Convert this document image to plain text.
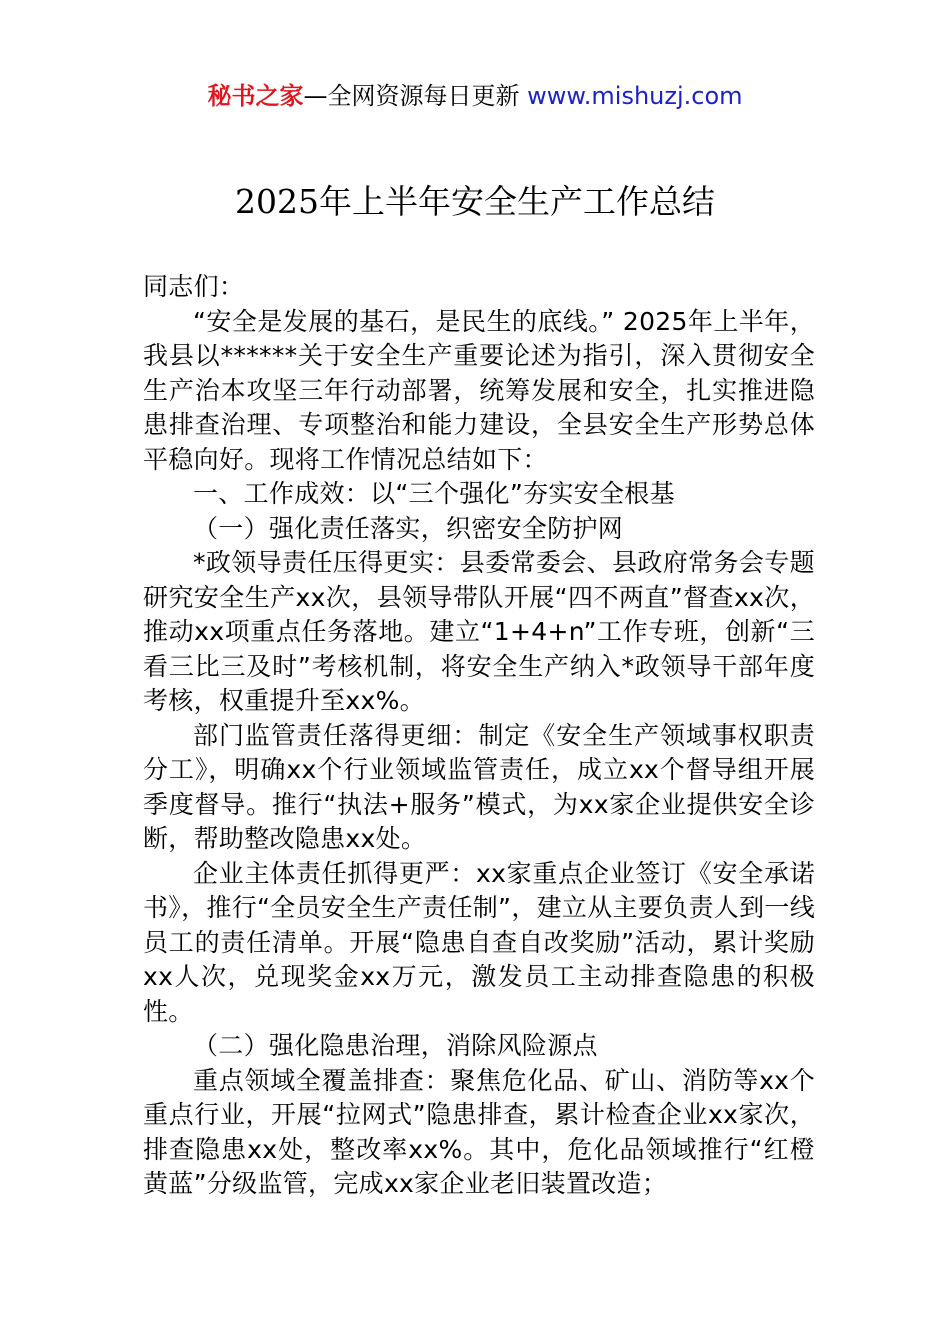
秘书之家—全网资源每日更新 www.mishuzj.com
2025年上半年安全生产工作总结

同志们：

“安全是发展的基石，是民生的底线。” 2025年上半年，我县以******关于安全生产重要论述为指引，深入贯彻安全生产治本攻坚三年行动部署，统筹发展和安全，扎实推进隐患排查治理、专项整治和能力建设，全县安全生产形势总体平稳向好。现将工作情况总结如下：

一、工作成效：以“三个强化”夯实安全根基

（一）强化责任落实，织密安全防护网

*政领导责任压得更实：县委常委会、县政府常务会专题研究安全生产xx次，县领导带队开展“四不两直”督查xx次，推动xx项重点任务落地。建立“1+4+n”工作专班，创新“三看三比三及时”考核机制，将安全生产纳入*政领导干部年度考核，权重提升至xx%。

部门监管责任落得更细：制定《安全生产领域事权职责分工》，明确xx个行业领域监管责任，成立xx个督导组开展季度督导。推行“执法+服务”模式，为xx家企业提供安全诊断，帮助整改隐患xx处。

企业主体责任抓得更严：xx家重点企业签订《安全承诺书》，推行“全员安全生产责任制”，建立从主要负责人到一线员工的责任清单。开展“隐患自查自改奖励”活动，累计奖励xx人次，兑现奖金xx万元，激发员工主动排查隐患的积极性。

（二）强化隐患治理，消除风险源点

重点领域全覆盖排查：聚焦危化品、矿山、消防等xx个重点行业，开展“拉网式”隐患排查，累计检查企业xx家次，排查隐患xx处，整改率xx%。其中，危化品领域推行“红橙黄蓝”分级监管，完成xx家企业老旧装置改造；
